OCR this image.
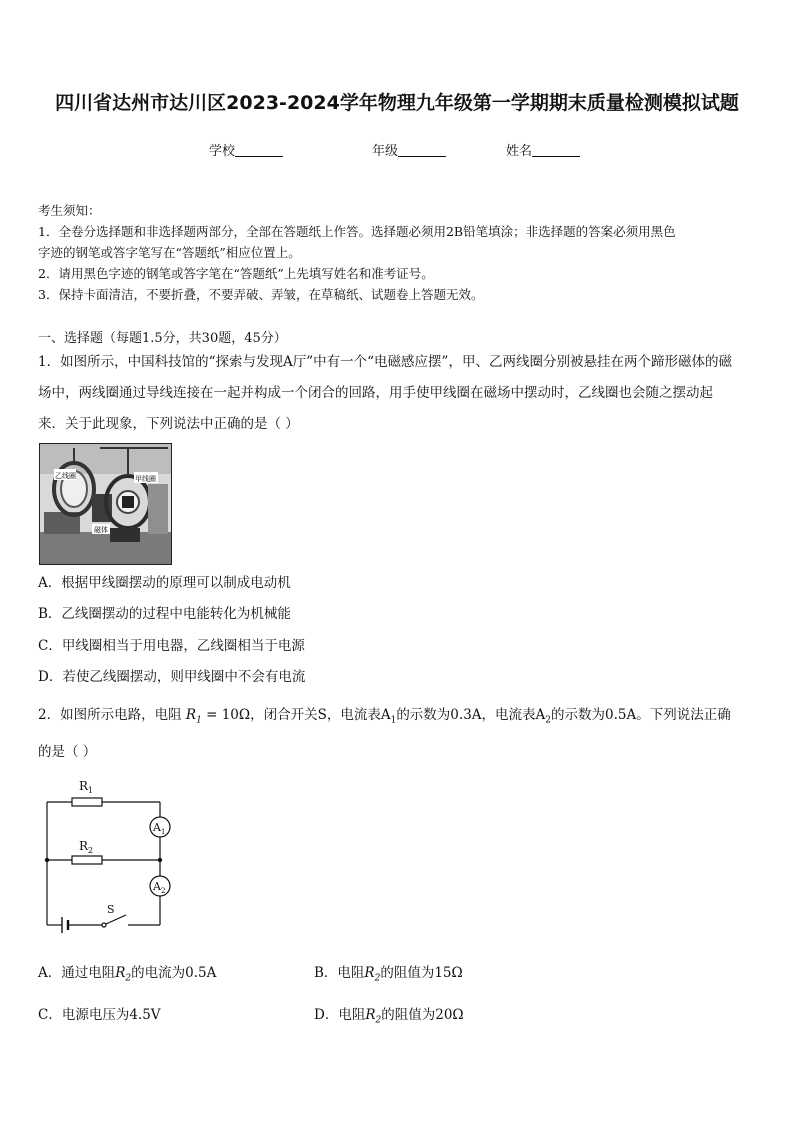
四川省达州市达川区2023-2024学年物理九年级第一学期期末质量检测模拟试题
学校	年级	姓名
考生须知：
1．全卷分选择题和非选择题两部分，全部在答题纸上作答。选择题必须用2B铅笔填涂；非选择题的答案必须用黑色
字迹的钢笔或答字笔写在“答题纸”相应位置上。
2．请用黑色字迹的钢笔或答字笔在“答题纸”上先填写姓名和准考证号。
3．保持卡面清洁，不要折叠，不要弄破、弄皱，在草稿纸、试题卷上答题无效。
一、选择题（每题1.5分，共30题，45分）
1．如图所示，中国科技馆的“探索与发现A厅”中有一个“电磁感应摆”，甲、乙两线圈分别被悬挂在两个蹄形磁体的磁
场中，两线圈通过导线连接在一起并构成一个闭合的回路，用手使甲线圈在磁场中摆动时，乙线圈也会随之摆动起
来．关于此现象，下列说法中正确的是（ ）
乙线圈	甲线圈
磁体
A．根据甲线圈摆动的原理可以制成电动机
B．乙线圈摆动的过程中电能转化为机械能
C．甲线圈相当于用电器，乙线圈相当于电源
D．若使乙线圈摆动，则甲线圈中不会有电流
2．如图所示电路，电阻 $R_1 = 10\Omega$，闭合开关S，电流表$A_1$的示数为0.3A，电流表$A_2$的示数为0.5A。下列说法正确
的是（ ）
$R_1$
$R_2$
$A_1$
$A_2$
S
A．通过电阻$R_2$的电流为0.5A	B．电阻$R_2$的阻值为15Ω
C．电源电压为4.5V	D．电阻$R_2$的阻值为20Ω
